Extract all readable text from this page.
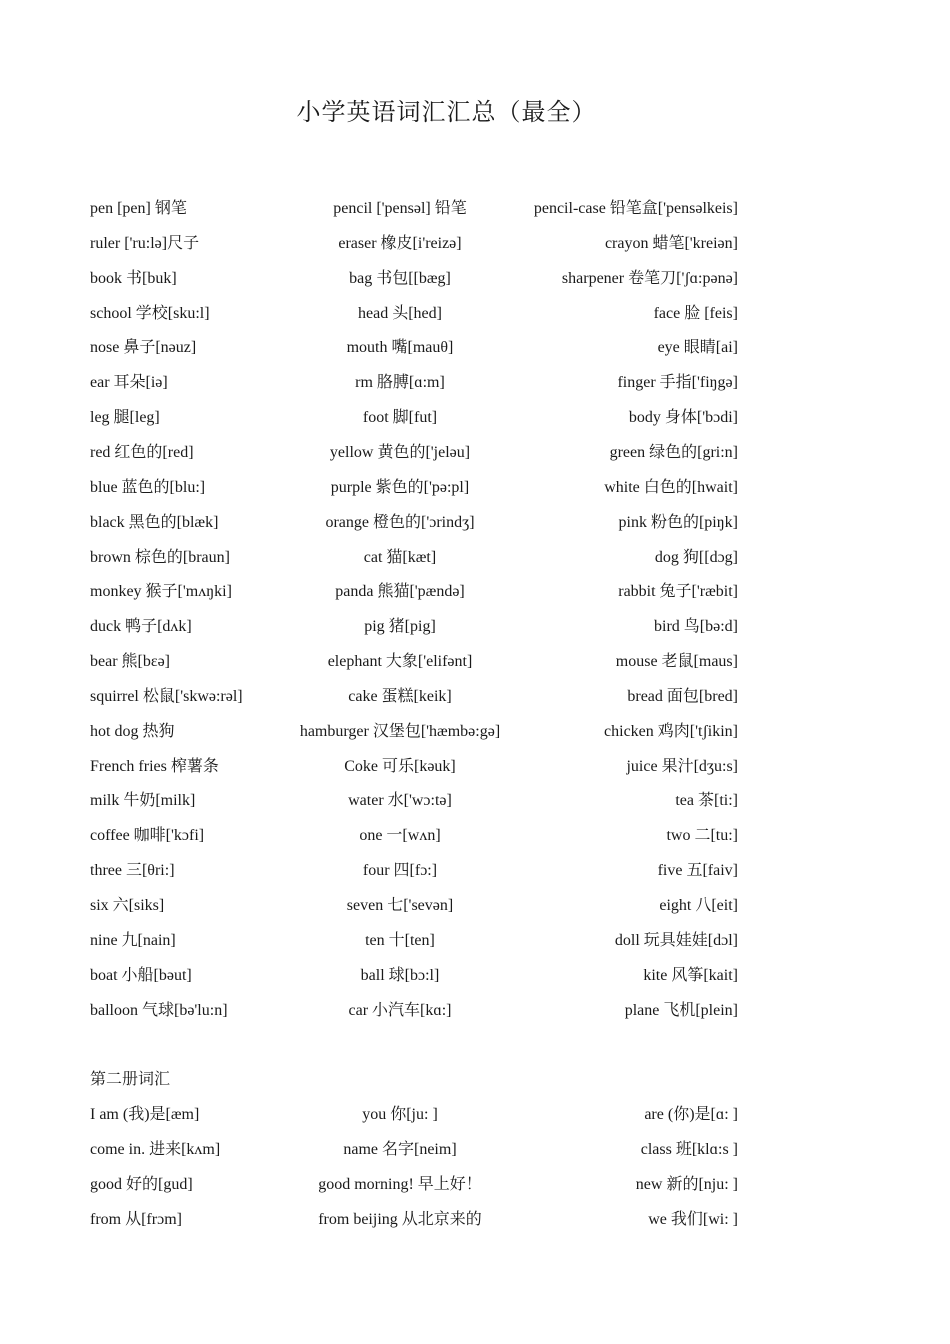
小学英语词汇汇总（最全）
pen [pen] 钢笔	pencil ['pensəl] 铅笔	pencil-case 铅笔盒['pensəlkeis]
ruler ['ru:lə]尺子	eraser 橡皮[i'reizə]	crayon 蜡笔['kreiən]
book 书[buk]	bag 书包[[bæg]	sharpener 卷笔刀['ʃɑ:pənə]
school 学校[sku:l]	head 头[hed]	face 脸 [feis]
nose 鼻子[nəuz]	mouth 嘴[mauθ]	eye 眼睛[ai]
ear 耳朵[iə]	rm 胳膊[ɑ:m]	finger 手指['fiŋgə]
leg 腿[leg]	foot 脚[fut]	body 身体['bɔdi]
red 红色的[red]	yellow 黄色的['jeləu]	green 绿色的[gri:n]
blue 蓝色的[blu:]	purple 紫色的['pə:pl]	white 白色的[hwait]
black 黑色的[blæk]	orange 橙色的['ɔrindʒ]	pink 粉色的[piŋk]
brown 棕色的[braun]	cat 猫[kæt]	dog 狗[[dɔg]
monkey 猴子['mʌŋki]	panda 熊猫['pændə]	rabbit 兔子['ræbit]
duck 鸭子[dʌk]	pig 猪[pig]	bird 鸟[bə:d]
bear 熊[bεə]	elephant 大象['elifənt]	mouse 老鼠[maus]
squirrel 松鼠['skwə:rəl]	cake 蛋糕[keik]	bread 面包[bred]
hot dog 热狗	hamburger 汉堡包['hæmbə:gə]	chicken 鸡肉['tʃikin]
French fries 榨薯条	Coke 可乐[kəuk]	juice 果汁[dʒu:s]
milk 牛奶[milk]	water 水['wɔ:tə]	tea 茶[ti:]
coffee 咖啡['kɔfi]	one 一[wʌn]	two 二[tu:]
three 三[θri:]	four 四[fɔ:]	five 五[faiv]
six 六[siks]	seven 七['sevən]	eight 八[eit]
nine 九[nain]	ten 十[ten]	doll 玩具娃娃[dɔl]
boat 小船[bəut]	ball 球[bɔ:l]	kite 风筝[kait]
balloon 气球[bə'lu:n]	car 小汽车[kɑ:]	plane 飞机[plein]
第二册词汇
I am (我)是[æm]	you 你[ju: ]	are (你)是[ɑ: ]
come in. 进来[kʌm]	name 名字[neim]	class 班[klɑ:s ]
good 好的[gud]	good morning! 早上好！	new 新的[nju: ]
from 从[frɔm]	from beijing 从北京来的	we 我们[wi: ]
